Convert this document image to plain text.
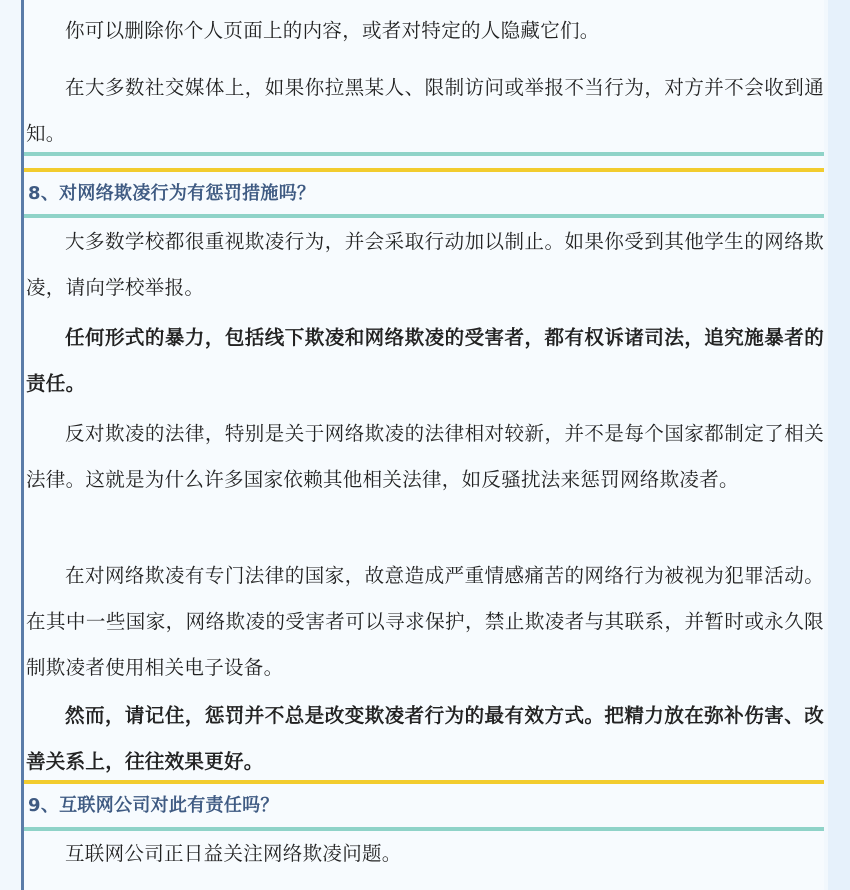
你可以删除你个人页面上的内容，或者对特定的人隐藏它们。

在大多数社交媒体上，如果你拉黑某人、限制访问或举报不当行为，对方并不会收到通知。

8、对网络欺凌行为有惩罚措施吗？

大多数学校都很重视欺凌行为，并会采取行动加以制止。如果你受到其他学生的网络欺凌，请向学校举报。

任何形式的暴力，包括线下欺凌和网络欺凌的受害者，都有权诉诸司法，追究施暴者的责任。

反对欺凌的法律，特别是关于网络欺凌的法律相对较新，并不是每个国家都制定了相关法律。这就是为什么许多国家依赖其他相关法律，如反骚扰法来惩罚网络欺凌者。

在对网络欺凌有专门法律的国家，故意造成严重情感痛苦的网络行为被视为犯罪活动。在其中一些国家，网络欺凌的受害者可以寻求保护，禁止欺凌者与其联系，并暂时或永久限制欺凌者使用相关电子设备。

然而，请记住，惩罚并不总是改变欺凌者行为的最有效方式。把精力放在弥补伤害、改善关系上，往往效果更好。

9、互联网公司对此有责任吗？

互联网公司正日益关注网络欺凌问题。
